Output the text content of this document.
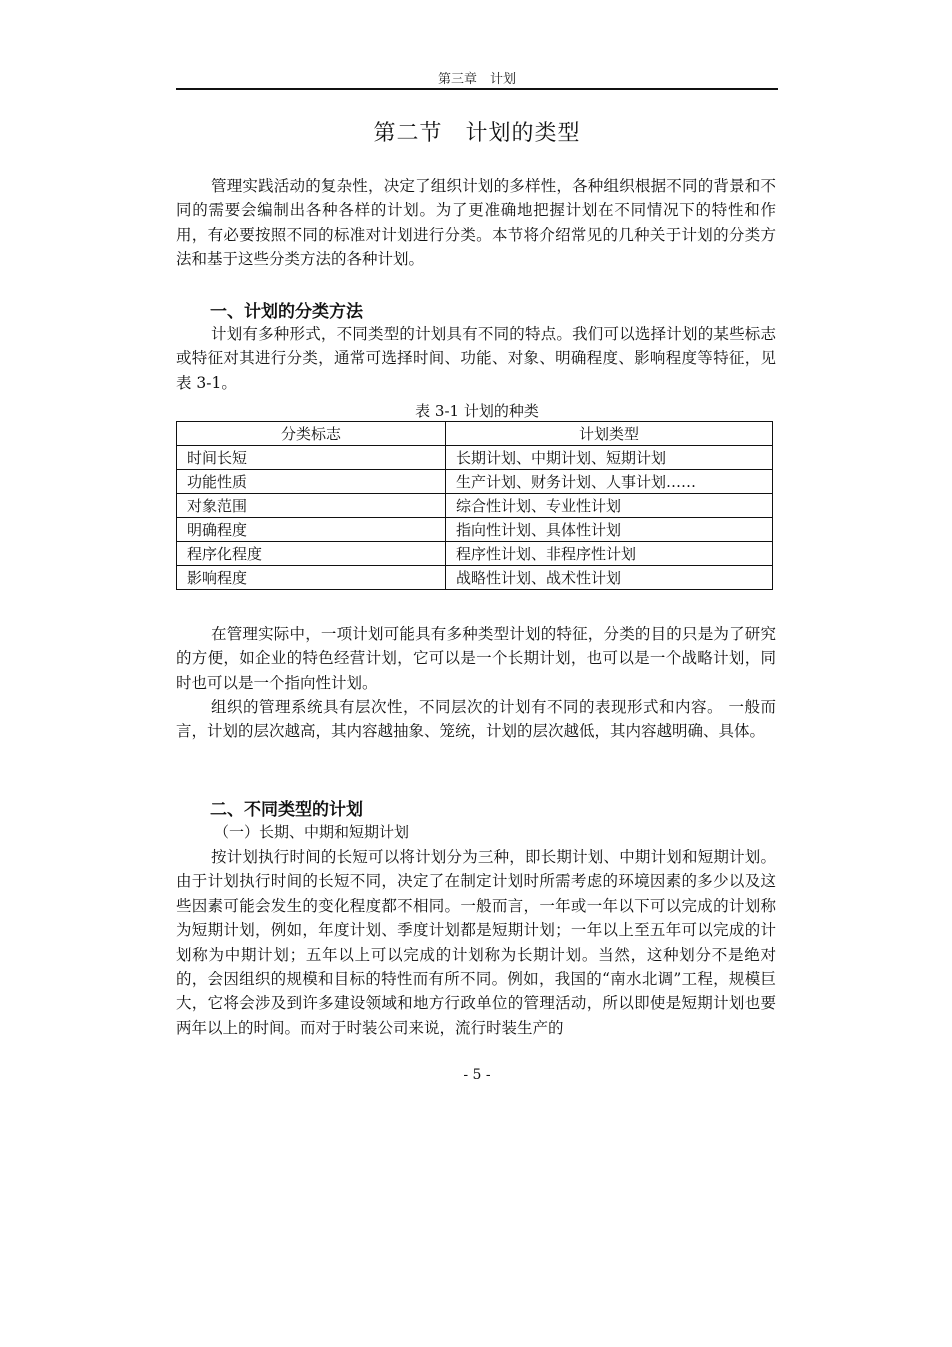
第三章　计划
第二节　计划的类型

管理实践活动的复杂性，决定了组织计划的多样性，各种组织根据不同的背景和不同的需要会编制出各种各样的计划。为了更准确地把握计划在不同情况下的特性和作用，有必要按照不同的标准对计划进行分类。本节将介绍常见的几种关于计划的分类方法和基于这些分类方法的各种计划。

一、计划的分类方法

计划有多种形式，不同类型的计划具有不同的特点。我们可以选择计划的某些标志或特征对其进行分类，通常可选择时间、功能、对象、明确程度、影响程度等特征，见表 3-1。

表 3-1 计划的种类
分类标志	计划类型
时间长短	长期计划、中期计划、短期计划
功能性质	生产计划、财务计划、人事计划……
对象范围	综合性计划、专业性计划
明确程度	指向性计划、具体性计划
程序化程度	程序性计划、非程序性计划
影响程度	战略性计划、战术性计划

在管理实际中，一项计划可能具有多种类型计划的特征，分类的目的只是为了研究的方便，如企业的特色经营计划，它可以是一个长期计划，也可以是一个战略计划，同时也可以是一个指向性计划。

组织的管理系统具有层次性，不同层次的计划有不同的表现形式和内容。 一般而言，计划的层次越高，其内容越抽象、笼统，计划的层次越低，其内容越明确、具体。

二、不同类型的计划
（一）长期、中期和短期计划

按计划执行时间的长短可以将计划分为三种，即长期计划、中期计划和短期计划。由于计划执行时间的长短不同，决定了在制定计划时所需考虑的环境因素的多少以及这些因素可能会发生的变化程度都不相同。一般而言，一年或一年以下可以完成的计划称为短期计划，例如，年度计划、季度计划都是短期计划；一年以上至五年可以完成的计划称为中期计划；五年以上可以完成的计划称为长期计划。当然，这种划分不是绝对的，会因组织的规模和目标的特性而有所不同。例如，我国的“南水北调”工程，规模巨大，它将会涉及到许多建设领域和地方行政单位的管理活动，所以即使是短期计划也要两年以上的时间。而对于时装公司来说，流行时装生产的

- 5 -
